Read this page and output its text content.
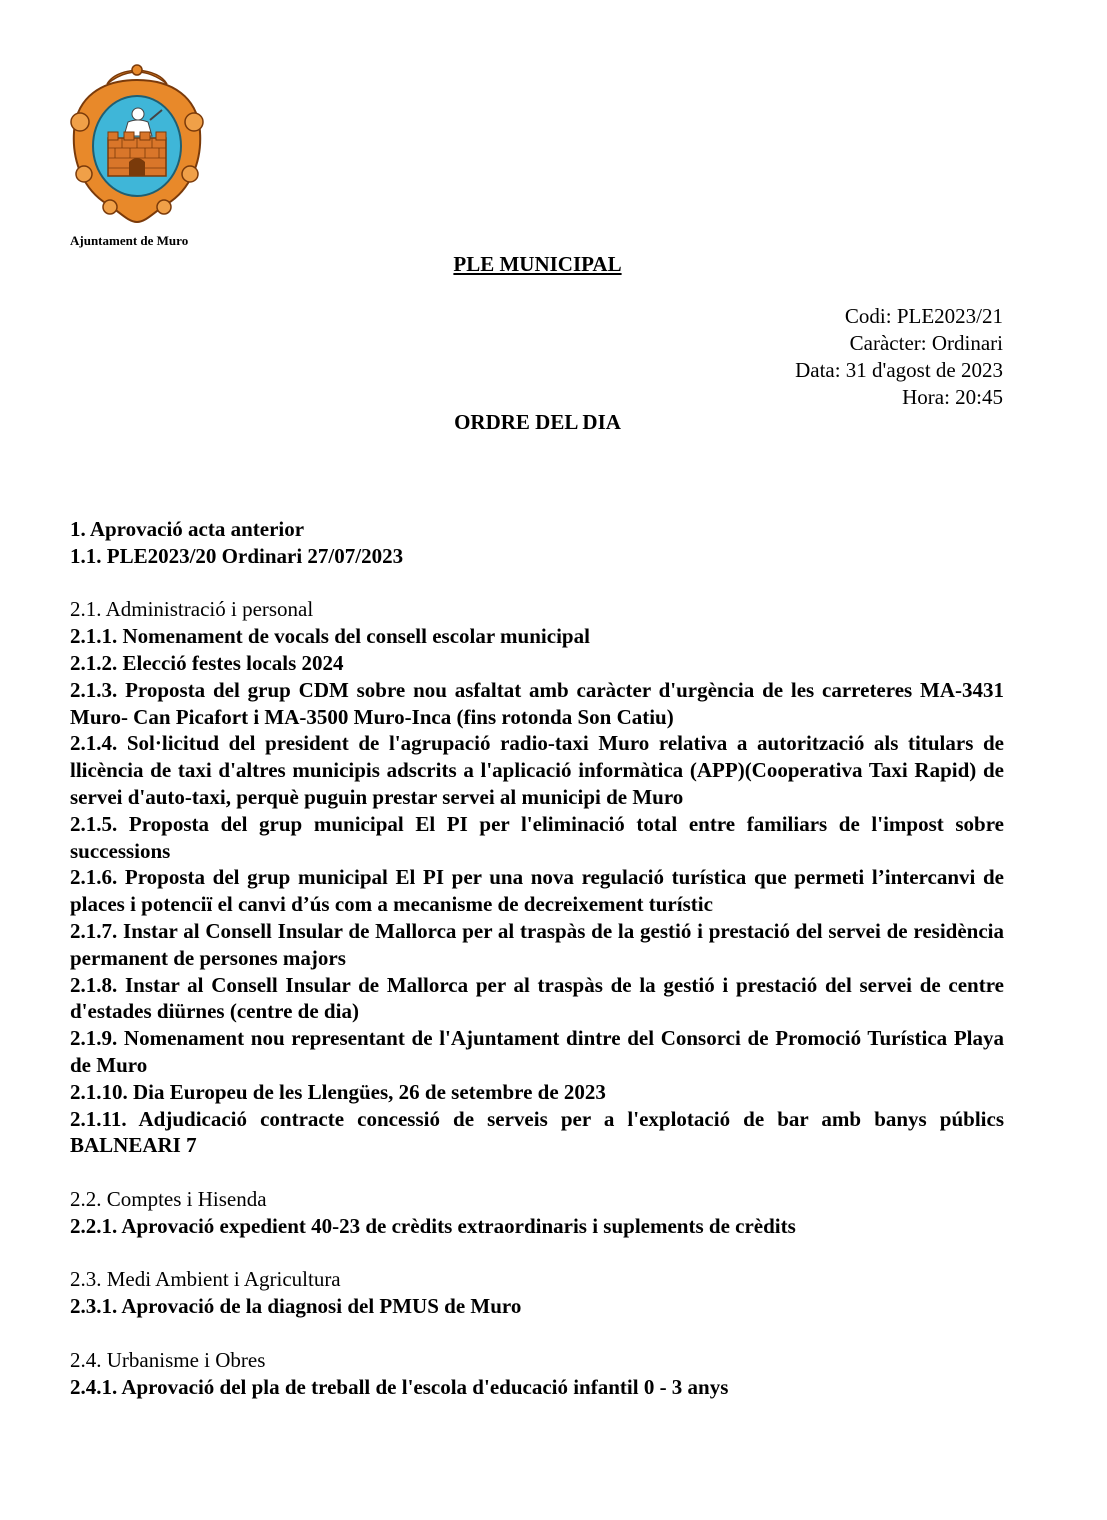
Ajuntament de Muro
PLE MUNICIPAL
Codi: PLE2023/21
Caràcter: Ordinari
Data: 31 d'agost de 2023
Hora: 20:45
ORDRE DEL DIA

1. Aprovació acta anterior

1.1. PLE2023/20 Ordinari 27/07/2023

2.1. Administració i personal

2.1.1. Nomenament de vocals del consell escolar municipal

2.1.2. Elecció festes locals 2024

2.1.3. Proposta del grup CDM sobre nou asfaltat amb caràcter d'urgència de les carreteres MA-3431 Muro- Can Picafort i MA-3500 Muro-Inca (fins rotonda Son Catiu)

2.1.4. Sol·licitud del president de l'agrupació radio-taxi Muro relativa a autorització als titulars de llicència de taxi d'altres municipis adscrits a l'aplicació informàtica (APP)(Cooperativa Taxi Rapid) de servei d'auto-taxi, perquè puguin prestar servei al municipi de Muro

2.1.5. Proposta del grup municipal El PI per l'eliminació total entre familiars de l'impost sobre successions

2.1.6. Proposta del grup municipal El PI per una nova regulació turística que permeti l’intercanvi de places i potenciï el canvi d’ús com a mecanisme de decreixement turístic

2.1.7. Instar al Consell Insular de Mallorca per al traspàs de la gestió i prestació del servei de residència permanent de persones majors

2.1.8. Instar al Consell Insular de Mallorca per al traspàs de la gestió i prestació del servei de centre d'estades diürnes (centre de dia)

2.1.9. Nomenament nou representant de l'Ajuntament dintre del Consorci de Promoció Turística Playa de Muro

2.1.10. Dia Europeu de les Llengües, 26 de setembre de 2023

2.1.11. Adjudicació contracte concessió de serveis per a l'explotació de bar amb banys públics BALNEARI 7

2.2. Comptes i Hisenda

2.2.1. Aprovació expedient 40-23 de crèdits extraordinaris i suplements de crèdits

2.3. Medi Ambient i Agricultura

2.3.1. Aprovació de la diagnosi del PMUS de Muro

2.4. Urbanisme i Obres

2.4.1. Aprovació del pla de treball de l'escola d'educació infantil 0 - 3 anys
